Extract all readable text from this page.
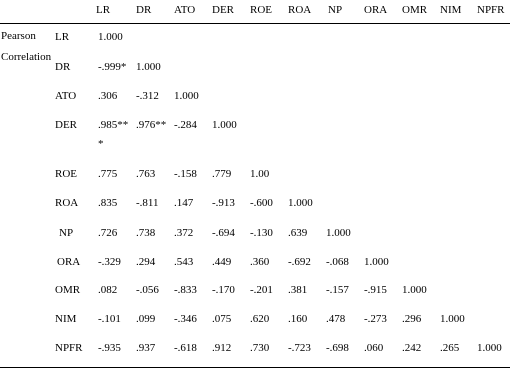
Pearson
Correlation
LR DR ATO DER ROE ROA NP ORA OMR NIM NPFR
LR	1.000
DR	-.999* 1.000
ATO .306 -.312 1.000
DER .985** .976** -.284 1.000
*
ROE .775 .763 -.158 .779 1.00
ROA .835 -.811 .147 -.913 -.600 1.000
NP .726 .738 .372 -.694 -.130 .639 1.000
ORA -.329 .294 .543 .449 .360 -.692 -.068 1.000
OMR .082 -.056 -.833 -.170 -.201 .381 -.157 -.915 1.000
NIM -.101 .099 -.346 .075 .620 .160 .478 -.273 .296 1.000
NPFR -.935 .937 -.618 .912 .730 -.723 -.698 .060 .242 .265 1.000
